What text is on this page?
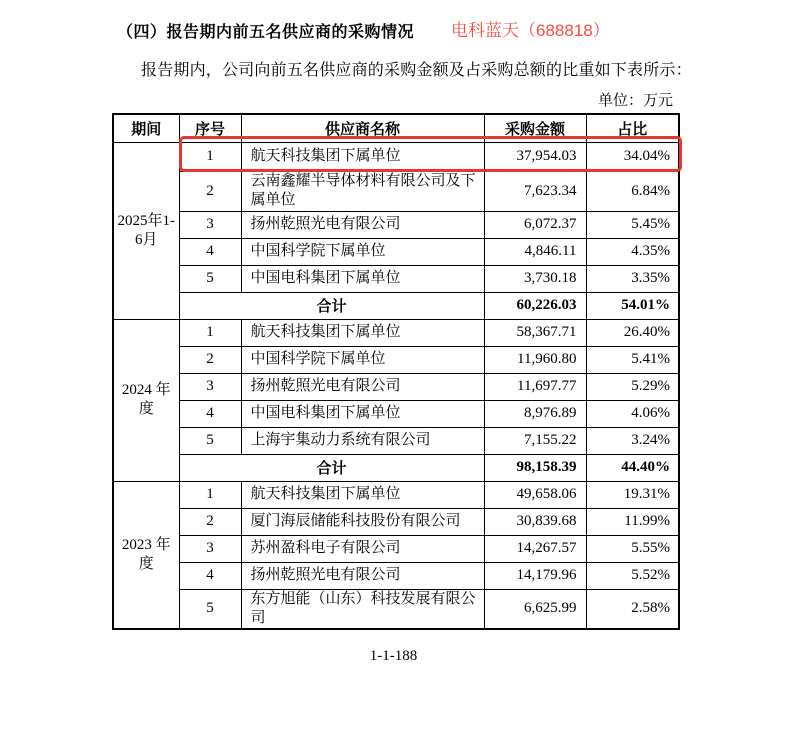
（四）报告期内前五名供应商的采购情况 电科蓝天（688818）
报告期内，公司向前五名供应商的采购金额及占采购总额的比重如下表所示：
单位：万元
期间	序号	供应商名称	采购金额	占比
2025年1-6月	1	航天科技集团下属单位	37,954.03	34.04%
	2	云南鑫耀半导体材料有限公司及下属单位	7,623.34	6.84%
	3	扬州乾照光电有限公司	6,072.37	5.45%
	4	中国科学院下属单位	4,846.11	4.35%
	5	中国电科集团下属单位	3,730.18	3.35%
	合计		60,226.03	54.01%
2024 年度	1	航天科技集团下属单位	58,367.71	26.40%
	2	中国科学院下属单位	11,960.80	5.41%
	3	扬州乾照光电有限公司	11,697.77	5.29%
	4	中国电科集团下属单位	8,976.89	4.06%
	5	上海宇集动力系统有限公司	7,155.22	3.24%
	合计		98,158.39	44.40%
2023 年度	1	航天科技集团下属单位	49,658.06	19.31%
	2	厦门海辰储能科技股份有限公司	30,839.68	11.99%
	3	苏州盈科电子有限公司	14,267.57	5.55%
	4	扬州乾照光电有限公司	14,179.96	5.52%
	5	东方旭能（山东）科技发展有限公司	6,625.99	2.58%
1-1-188
